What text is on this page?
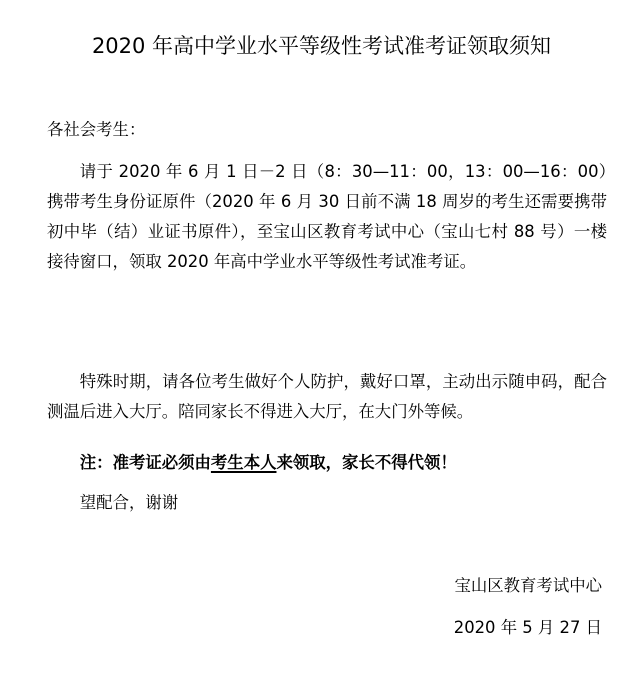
2020 年高中学业水平等级性考试准考证领取须知
各社会考生：
请于 2020 年 6 月 1 日－2 日（8：30—11：00，13：00—16：00）携带考生身份证原件（2020 年 6 月 30 日前不满 18 周岁的考生还需要携带初中毕（结）业证书原件），至宝山区教育考试中心（宝山七村 88 号）一楼接待窗口，领取 2020 年高中学业水平等级性考试准考证。
特殊时期，请各位考生做好个人防护，戴好口罩，主动出示随申码，配合测温后进入大厅。陪同家长不得进入大厅，在大门外等候。
注：准考证必须由考生本人来领取，家长不得代领！
望配合，谢谢
宝山区教育考试中心
2020 年 5 月 27 日
